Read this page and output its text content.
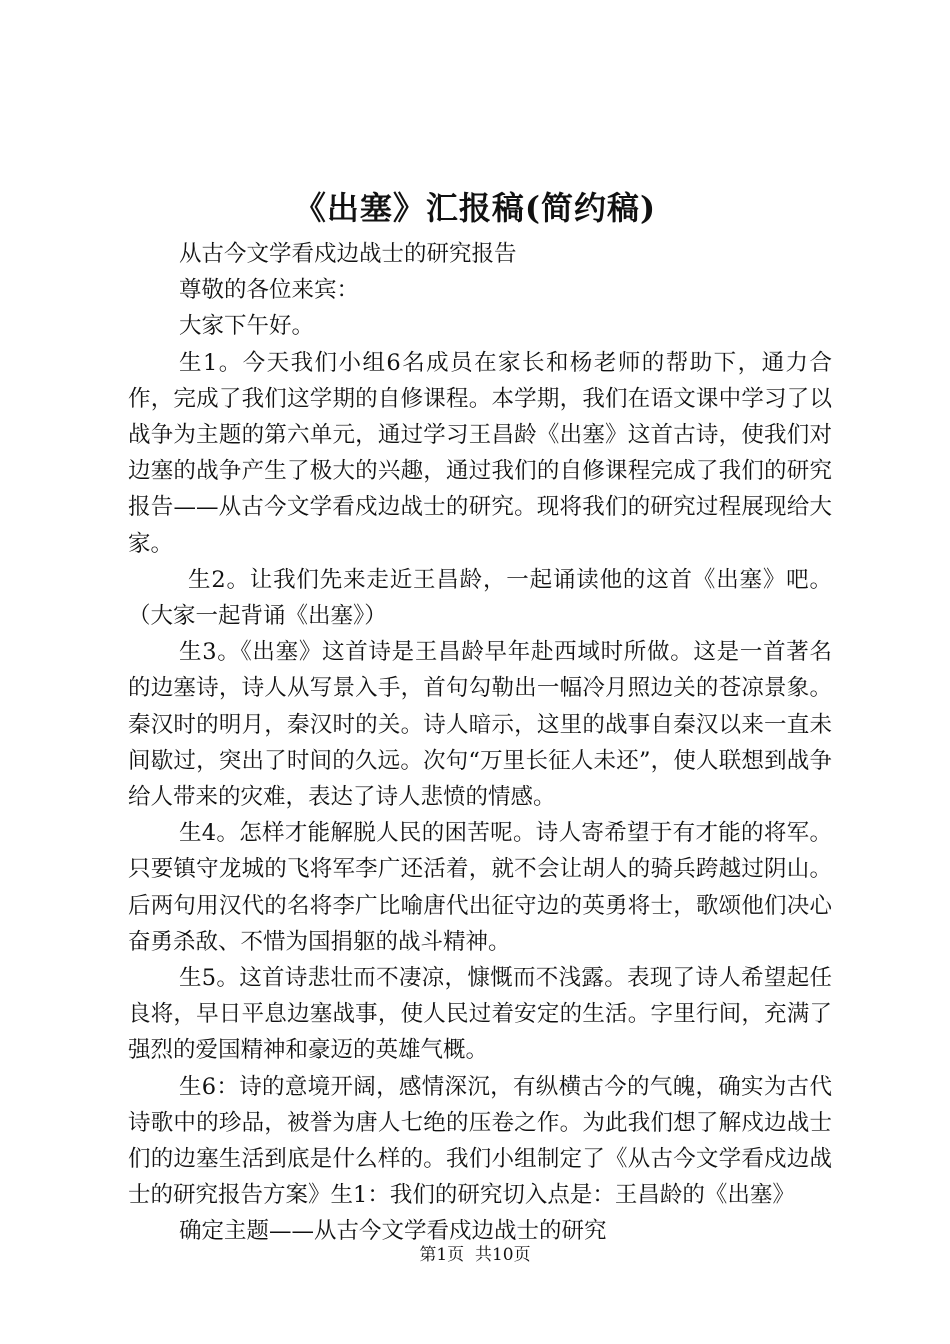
《出塞》汇报稿(简约稿)

从古今文学看戍边战士的研究报告

尊敬的各位来宾：

大家下午好。

生1。今天我们小组6名成员在家长和杨老师的帮助下，通力合作，完成了我们这学期的自修课程。本学期，我们在语文课中学习了以战争为主题的第六单元，通过学习王昌龄《出塞》这首古诗，使我们对边塞的战争产生了极大的兴趣，通过我们的自修课程完成了我们的研究报告——从古今文学看戍边战士的研究。现将我们的研究过程展现给大家。

生2。让我们先来走近王昌龄，一起诵读他的这首《出塞》吧。（大家一起背诵《出塞》）

生3。《出塞》这首诗是王昌龄早年赴西域时所做。这是一首著名的边塞诗，诗人从写景入手，首句勾勒出一幅冷月照边关的苍凉景象。秦汉时的明月，秦汉时的关。诗人暗示，这里的战事自秦汉以来一直未间歇过，突出了时间的久远。次句“万里长征人未还”，使人联想到战争给人带来的灾难，表达了诗人悲愤的情感。

生4。怎样才能解脱人民的困苦呢。诗人寄希望于有才能的将军。只要镇守龙城的飞将军李广还活着，就不会让胡人的骑兵跨越过阴山。后两句用汉代的名将李广比喻唐代出征守边的英勇将士，歌颂他们决心奋勇杀敌、不惜为国捐躯的战斗精神。

生5。这首诗悲壮而不凄凉，慷慨而不浅露。表现了诗人希望起任良将，早日平息边塞战事，使人民过着安定的生活。字里行间，充满了强烈的爱国精神和豪迈的英雄气概。

生6：诗的意境开阔，感情深沉，有纵横古今的气魄，确实为古代诗歌中的珍品，被誉为唐人七绝的压卷之作。为此我们想了解戍边战士们的边塞生活到底是什么样的。我们小组制定了《从古今文学看戍边战士的研究报告方案》生1：我们的研究切入点是：王昌龄的《出塞》

确定主题——从古今文学看戍边战士的研究

第1页  共10页
